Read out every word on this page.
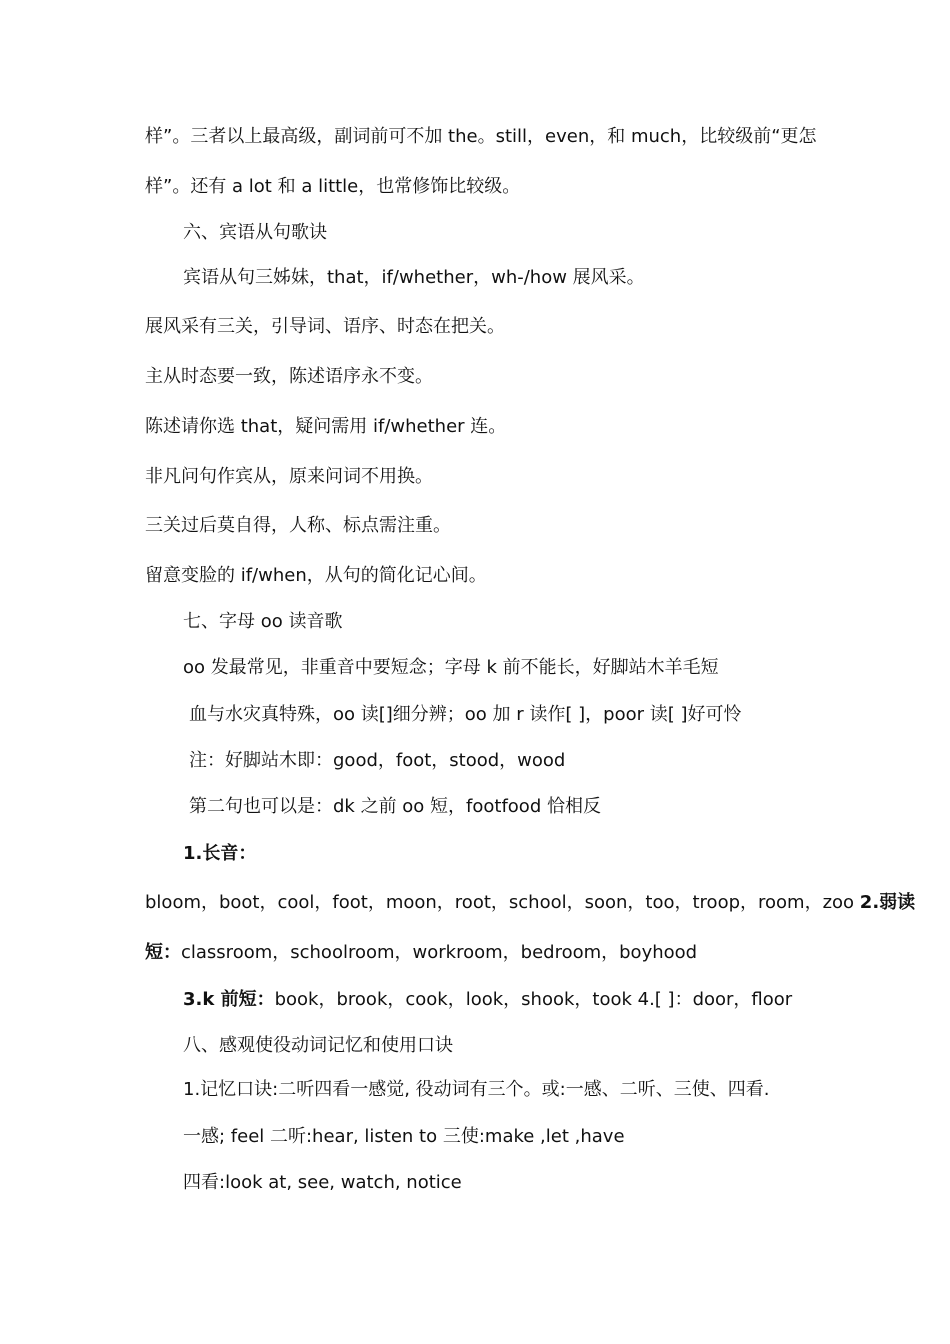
样”。三者以上最高级，副词前可不加 the。still，even，和 much，比较级前“更怎
样”。还有 a lot 和 a little，也常修饰比较级。
六、宾语从句歌诀
宾语从句三姊妹，that，if/whether，wh-/how 展风采。
展风采有三关，引导词、语序、时态在把关。
主从时态要一致，陈述语序永不变。
陈述请你选 that，疑问需用 if/whether 连。
非凡问句作宾从，原来问词不用换。
三关过后莫自得，人称、标点需注重。
留意变脸的 if/when，从句的简化记心间。
七、字母 oo 读音歌
oo 发最常见，非重音中要短念；字母 k 前不能长，好脚站木羊毛短
血与水灾真特殊，oo 读[]细分辨；oo 加 r 读作[ ]，poor 读[ ]好可怜
注：好脚站木即：good，foot，stood，wood
第二句也可以是：dk 之前 oo 短，footfood 恰相反
1.长音：
bloom，boot，cool，foot，moon，root，school，soon，too，troop，room，zoo 2.弱读
短：classroom，schoolroom，workroom，bedroom，boyhood
3.k 前短：book，brook，cook，look，shook，took 4.[ ]：door，floor
八、感观使役动词记忆和使用口诀
1.记忆口诀:二听四看一感觉, 役动词有三个。或:一感、二听、三使、四看.
一感; feel 二听:hear, listen to 三使:make ,let ,have
四看:look at, see, watch, notice
